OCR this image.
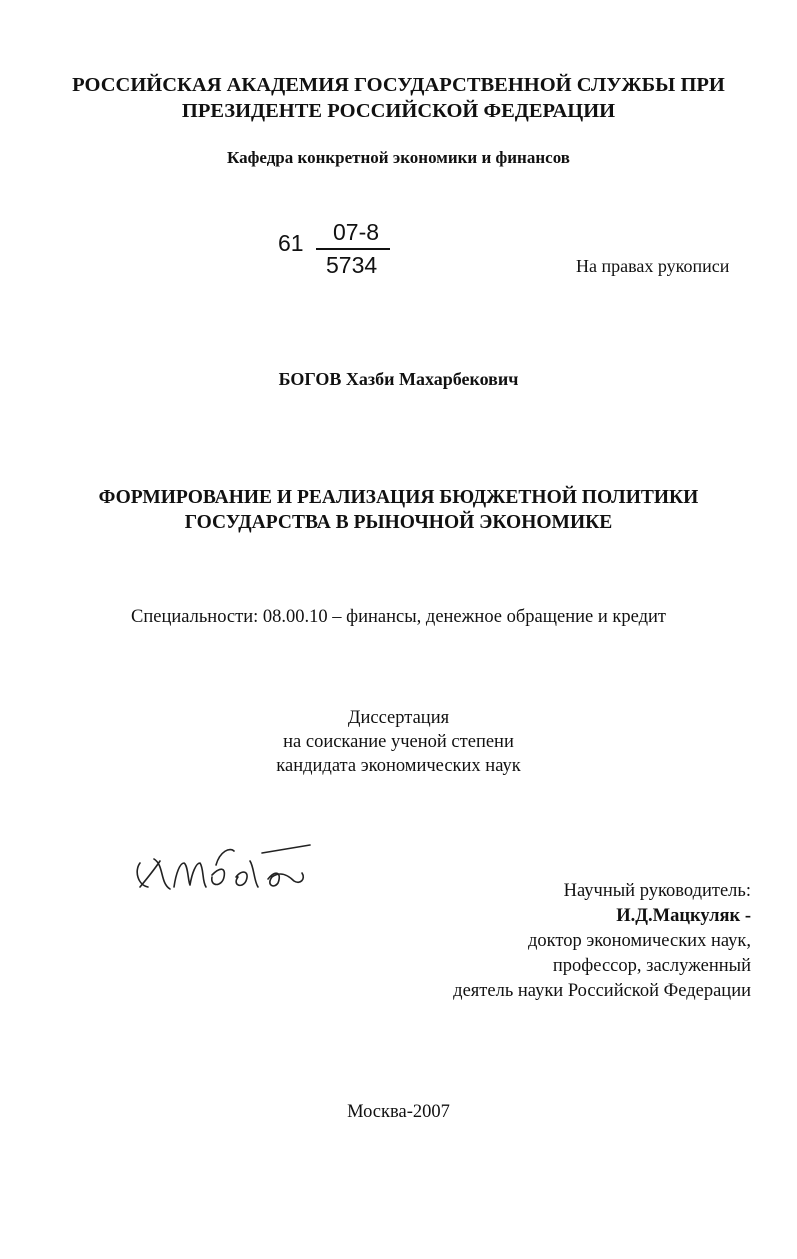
РОССИЙСКАЯ АКАДЕМИЯ ГОСУДАРСТВЕННОЙ СЛУЖБЫ ПРИ
ПРЕЗИДЕНТЕ РОССИЙСКОЙ ФЕДЕРАЦИИ
Кафедра конкретной экономики и финансов
61 07-8
5734	На правах рукописи
БОГОВ Хазби Махарбекович
ФОРМИРОВАНИЕ И РЕАЛИЗАЦИЯ БЮДЖЕТНОЙ ПОЛИТИКИ
ГОСУДАРСТВА В РЫНОЧНОЙ ЭКОНОМИКЕ
Специальности: 08.00.10 – финансы, денежное обращение и кредит
Диссертация
на соискание ученой степени
кандидата экономических наук
Научный руководитель:
И.Д.Мацкуляк -
доктор экономических наук,
профессор, заслуженный
деятель науки Российской Федерации
Москва-2007
